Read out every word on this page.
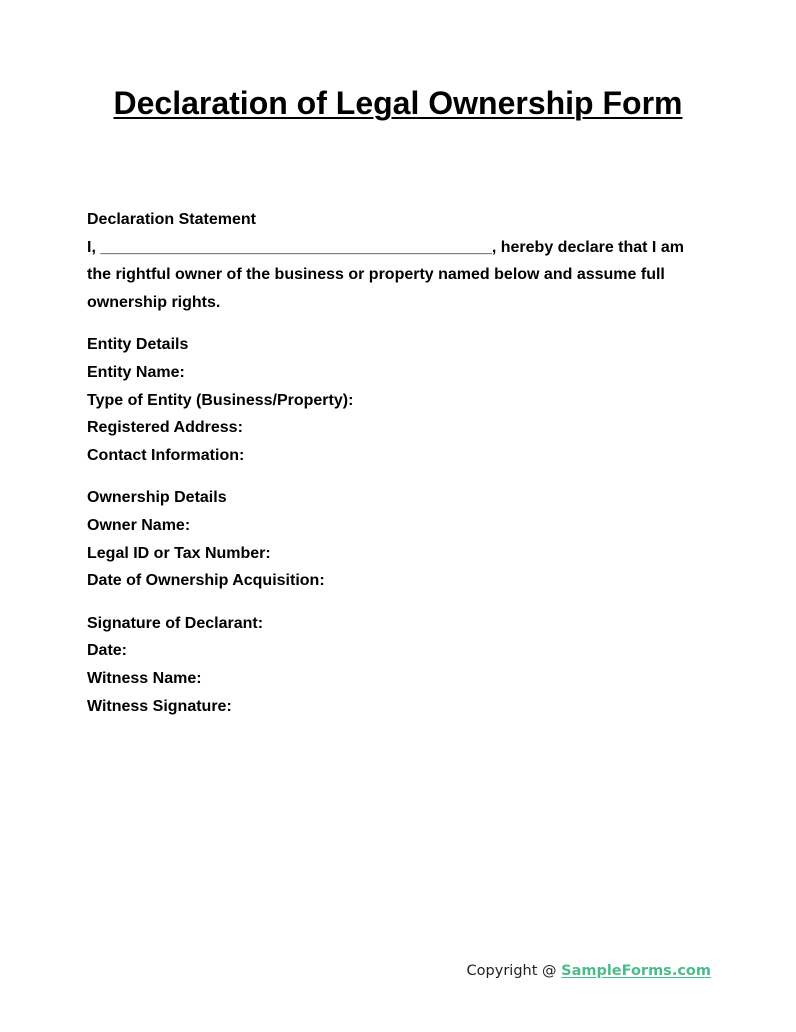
Declaration of Legal Ownership Form
Declaration Statement
I, ____________________________________________, hereby declare that I am the rightful owner of the business or property named below and assume full ownership rights.
Entity Details
Entity Name:
Type of Entity (Business/Property):
Registered Address:
Contact Information:
Ownership Details
Owner Name:
Legal ID or Tax Number:
Date of Ownership Acquisition:
Signature of Declarant:
Date:
Witness Name:
Witness Signature:
Copyright @ SampleForms.com
